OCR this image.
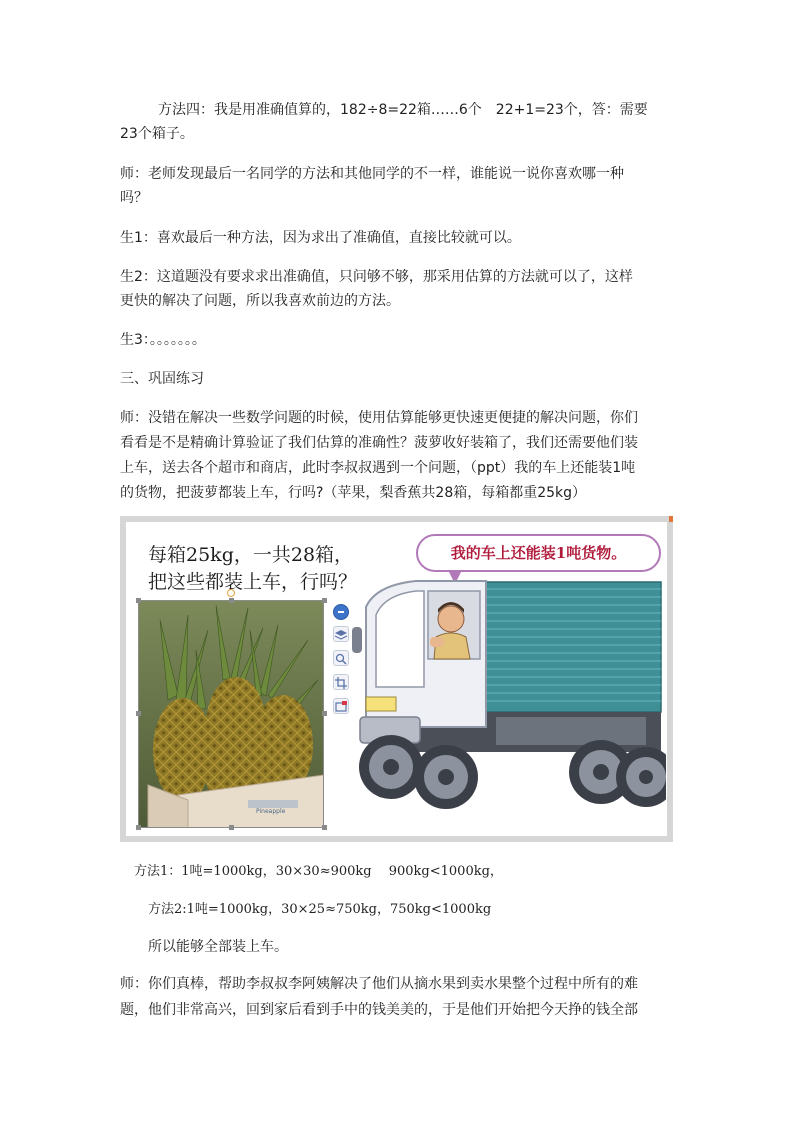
方法四：我是用准确值算的，182÷8=22箱……6个　22+1=23个，答：需要

23个箱子。

师：老师发现最后一名同学的方法和其他同学的不一样，谁能说一说你喜欢哪一种

吗？

生1：喜欢最后一种方法，因为求出了准确值，直接比较就可以。

生2：这道题没有要求求出准确值，只问够不够，那采用估算的方法就可以了，这样

更快的解决了问题，所以我喜欢前边的方法。

生3：。。。。。。。

三、巩固练习

师：没错在解决一些数学问题的时候，使用估算能够更快速更便捷的解决问题，你们

看看是不是精确计算验证了我们估算的准确性？菠萝收好装箱了，我们还需要他们装

上车，送去各个超市和商店，此时李叔叔遇到一个问题，（ppt）我的车上还能装1吨

的货物，把菠萝都装上车，行吗?（苹果，梨香蕉共28箱，每箱都重25kg）

每箱25kg，一共28箱，
把这些都装上车，行吗？

我的车上还能装1吨货物。
Pineapple

方法1：1吨=1000kg，30×30≈900kg　 900kg<1000kg，

方法2:1吨=1000kg，30×25≈750kg，750kg<1000kg

所以能够全部装上车。

师：你们真棒，帮助李叔叔李阿姨解决了他们从摘水果到卖水果整个过程中所有的难

题，他们非常高兴，回到家后看到手中的钱美美的，于是他们开始把今天挣的钱全部
